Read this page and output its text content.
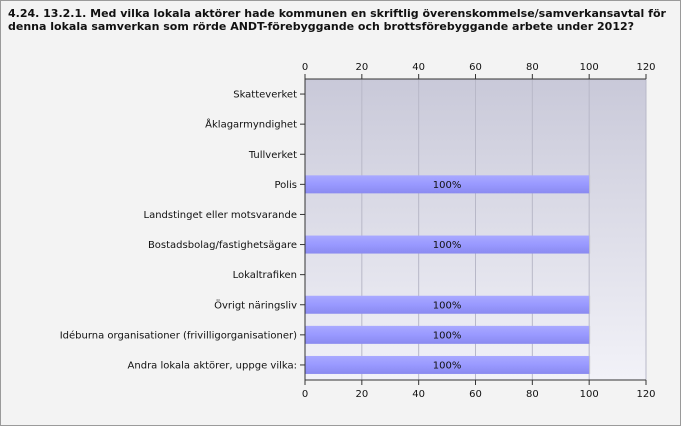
4.24. 13.2.1. Med vilka lokala aktörer hade kommunen en skriftlig överenskommelse/samverkansavtal för denna lokala samverkan som rörde ANDT-förebyggande och brottsförebyggande arbete under 2012?
0
0
20
20
40
40
60
60
80
80
100
100
120
120
Skatteverket
Åklagarmyndighet
Tullverket
Polis	100%
Landstinget eller motsvarande
Bostadsbolag/fastighetsägare	100%
Lokaltrafiken
Övrigt näringsliv	100%
Idéburna organisationer (frivilligorganisationer)	100%
Andra lokala aktörer, uppge vilka:	100%
